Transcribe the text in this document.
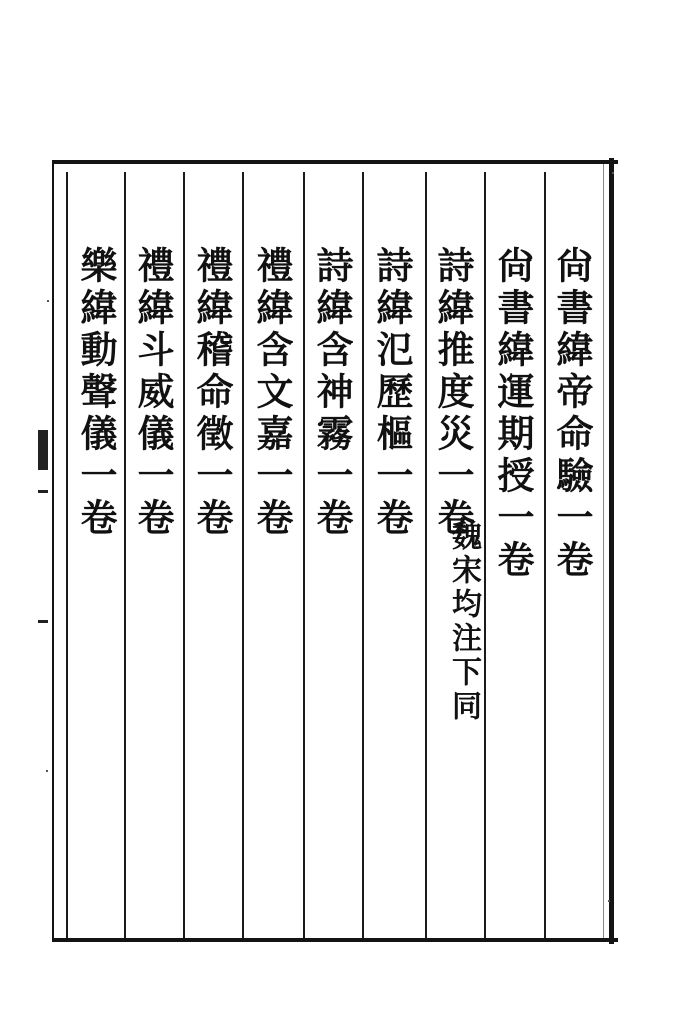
尙書緯帝命驗一卷
尙書緯運期授一卷
詩緯推度災一卷
魏宋均注下同
詩緯氾歷樞一卷
詩緯含神霧一卷
禮緯含文嘉一卷
禮緯稽命徵一卷
禮緯斗威儀一卷
樂緯動聲儀一卷
